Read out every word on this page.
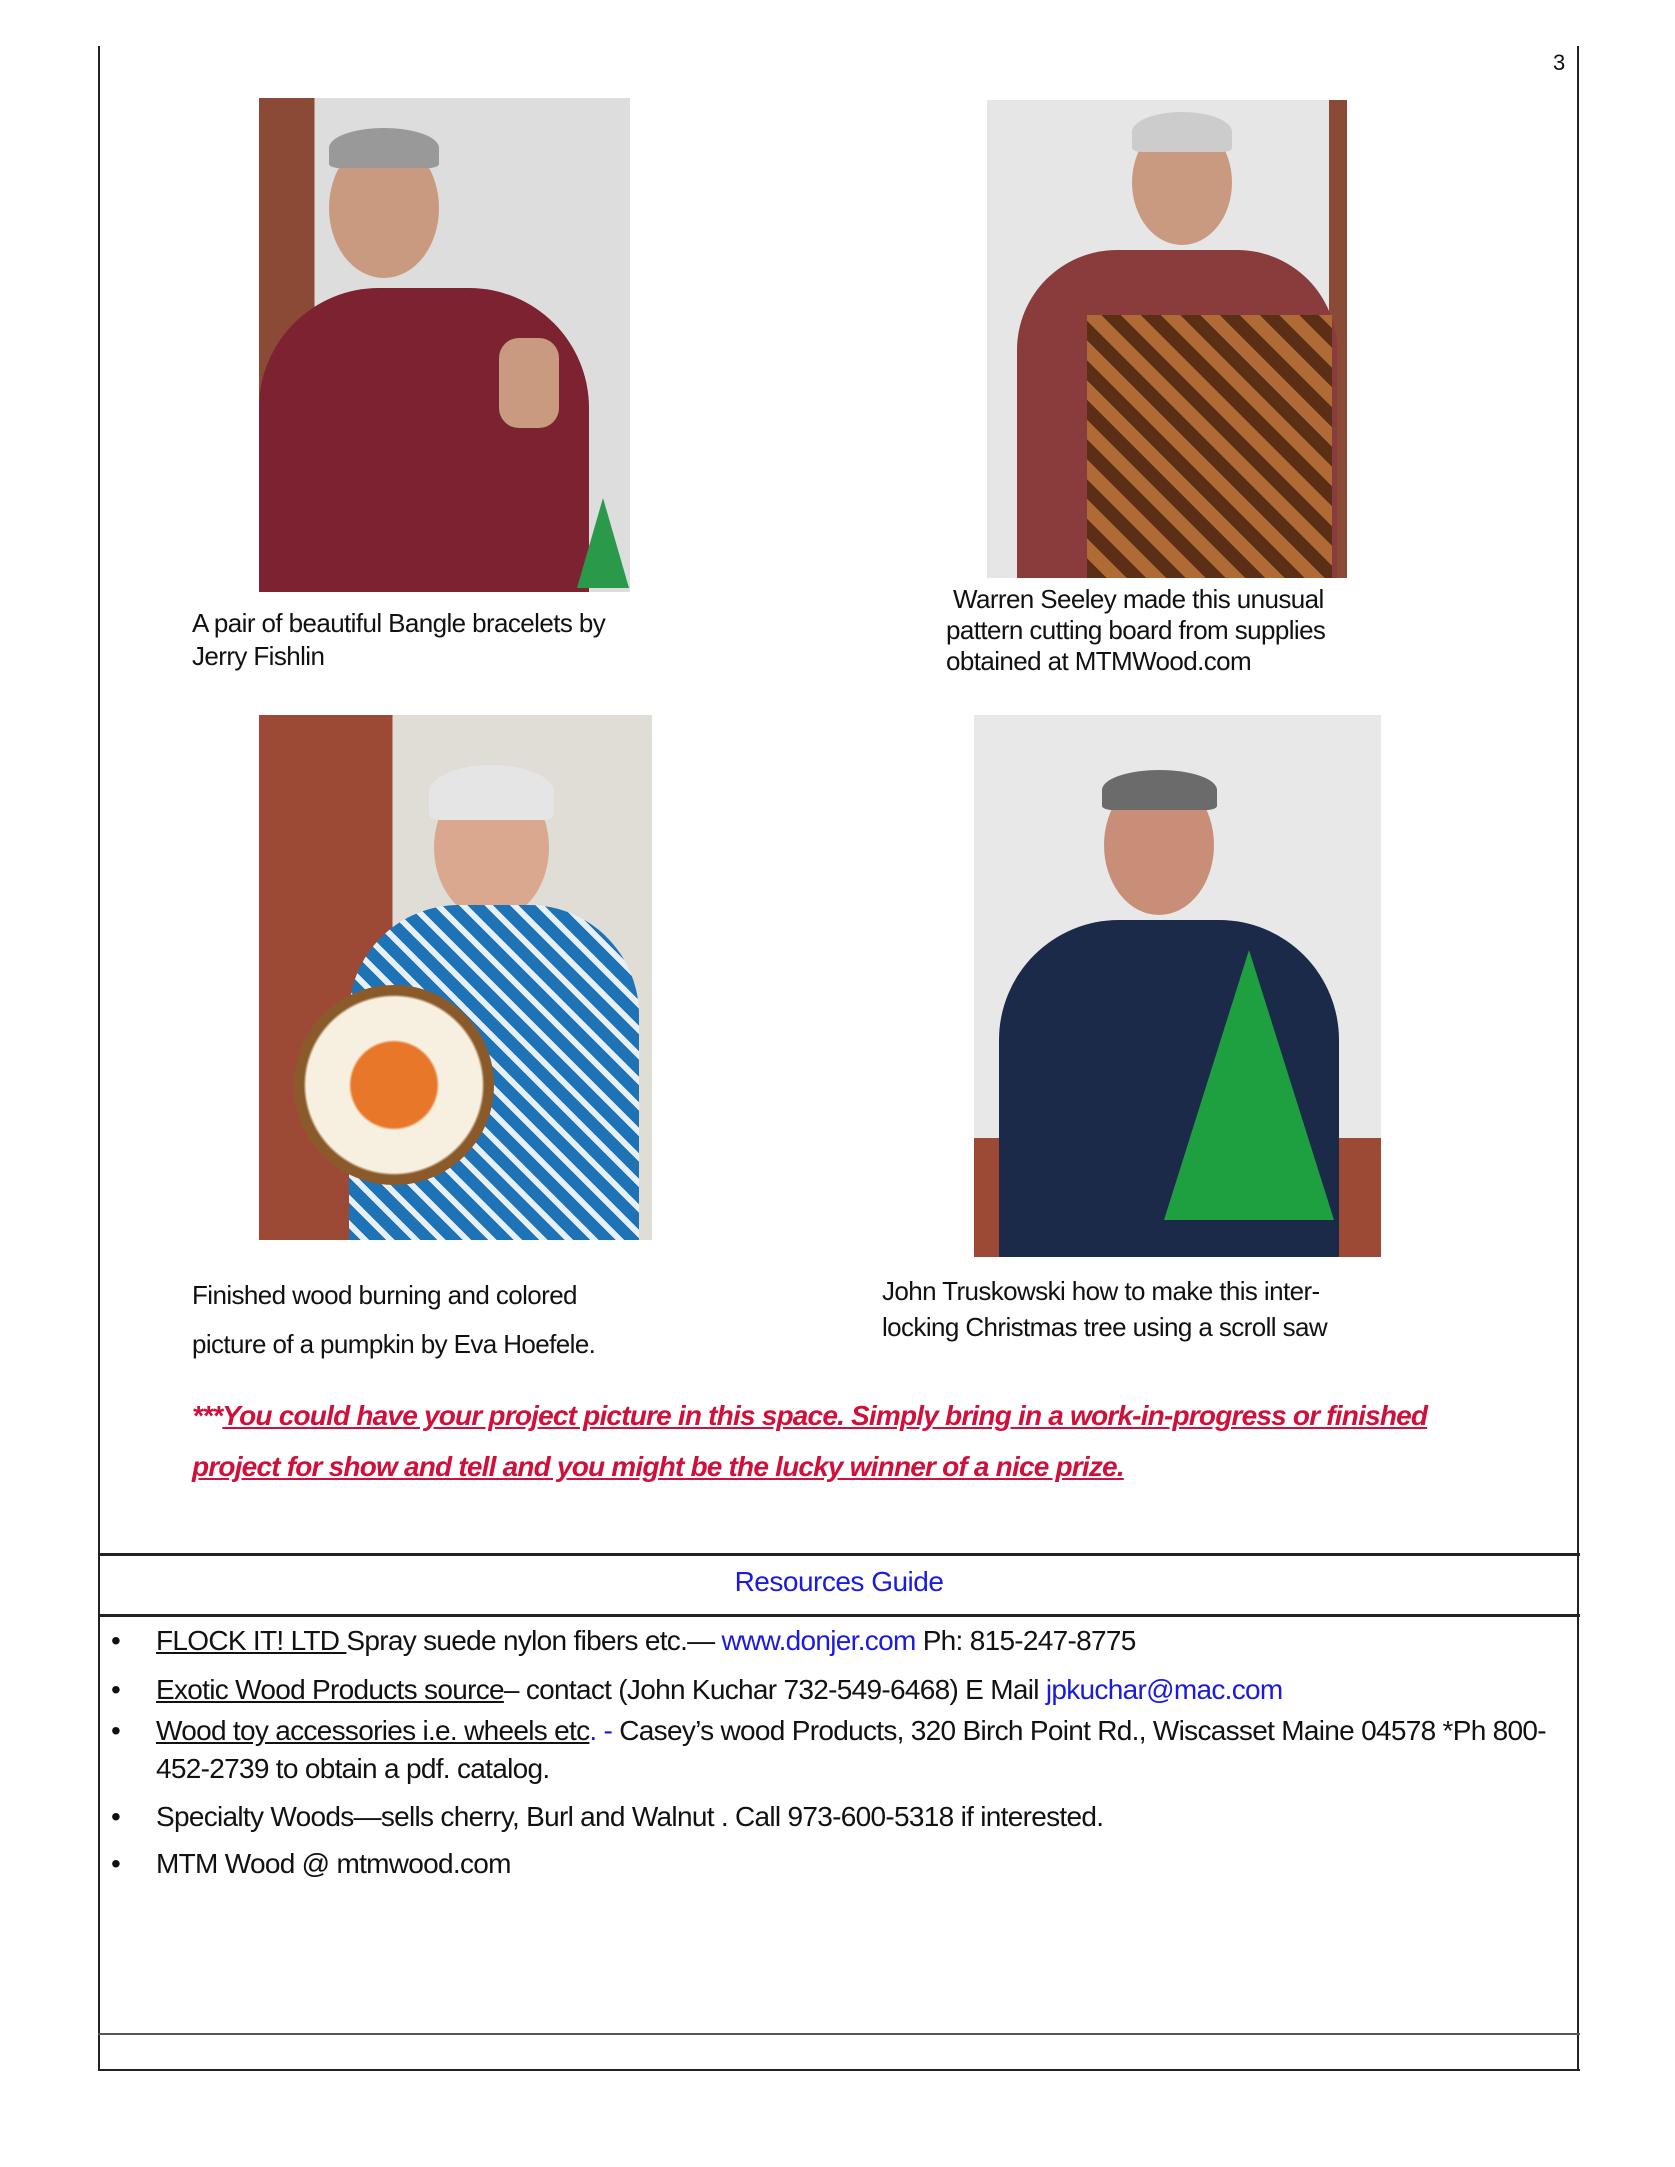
3
A pair of beautiful Bangle bracelets by
Jerry Fishlin
Warren Seeley made this unusual
pattern cutting board from supplies
obtained at MTMWood.com
Finished wood burning and colored
picture of a pumpkin by Eva Hoefele.
John Truskowski how to make this inter-
locking Christmas tree using a scroll saw
***You could have your project picture in this space. Simply bring in a work-in-progress or finished project for show and tell and you might be the lucky winner of a nice prize.
Resources Guide
• FLOCK IT! LTD Spray suede nylon fibers etc.— www.donjer.com Ph: 815-247-8775
• Exotic Wood Products source– contact (John Kuchar 732-549-6468) E Mail jpkuchar@mac.com
• Wood toy accessories i.e. wheels etc. - Casey’s wood Products, 320 Birch Point Rd., Wiscasset Maine 04578 *Ph 800-452-2739 to obtain a pdf. catalog.
• Specialty Woods—sells cherry, Burl and Walnut . Call 973-600-5318 if interested.
• MTM Wood @ mtmwood.com
